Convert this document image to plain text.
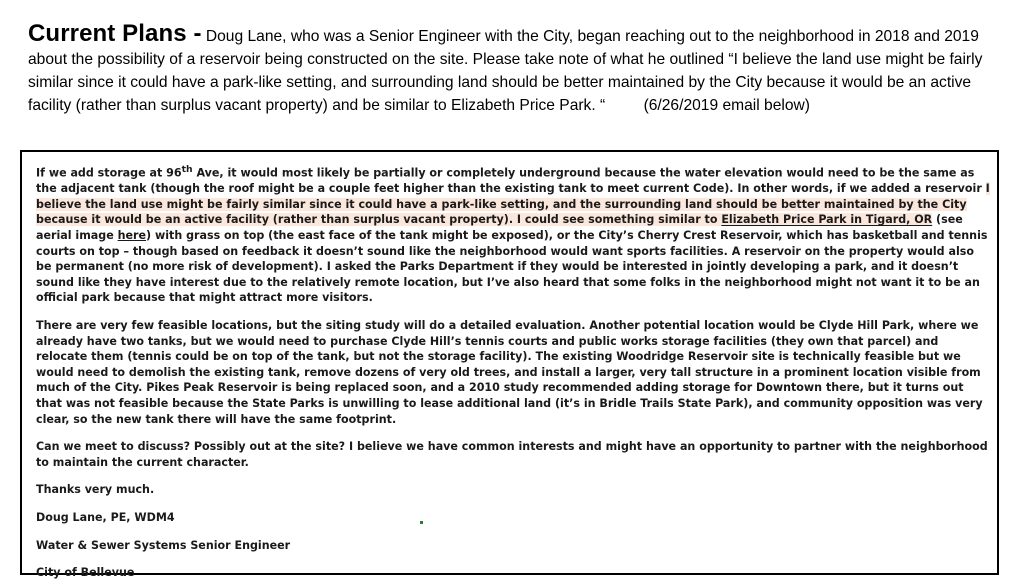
Current Plans - Doug Lane, who was a Senior Engineer with the City, began reaching out to the neighborhood in 2018 and 2019 about the possibility of a reservoir being constructed on the site. Please take note of what he outlined “I believe the land use might be fairly similar since it could have a park-like setting, and surrounding land should be better maintained by the City because it would be an active facility (rather than surplus vacant property) and be similar to Elizabeth Price Park. “ (6/26/2019 email below)

If we add storage at 96th Ave, it would most likely be partially or completely underground because the water elevation would need to be the same as the adjacent tank (though the roof might be a couple feet higher than the existing tank to meet current Code). In other words, if we added a reservoir I believe the land use might be fairly similar since it could have a park-like setting, and the surrounding land should be better maintained by the City because it would be an active facility (rather than surplus vacant property). I could see something similar to Elizabeth Price Park in Tigard, OR (see aerial image here) with grass on top (the east face of the tank might be exposed), or the City’s Cherry Crest Reservoir, which has basketball and tennis courts on top – though based on feedback it doesn’t sound like the neighborhood would want sports facilities. A reservoir on the property would also be permanent (no more risk of development). I asked the Parks Department if they would be interested in jointly developing a park, and it doesn’t sound like they have interest due to the relatively remote location, but I’ve also heard that some folks in the neighborhood might not want it to be an official park because that might attract more visitors.

There are very few feasible locations, but the siting study will do a detailed evaluation. Another potential location would be Clyde Hill Park, where we already have two tanks, but we would need to purchase Clyde Hill’s tennis courts and public works storage facilities (they own that parcel) and relocate them (tennis could be on top of the tank, but not the storage facility). The existing Woodridge Reservoir site is technically feasible but we would need to demolish the existing tank, remove dozens of very old trees, and install a larger, very tall structure in a prominent location visible from much of the City. Pikes Peak Reservoir is being replaced soon, and a 2010 study recommended adding storage for Downtown there, but it turns out that was not feasible because the State Parks is unwilling to lease additional land (it’s in Bridle Trails State Park), and community opposition was very clear, so the new tank there will have the same footprint.

Can we meet to discuss? Possibly out at the site? I believe we have common interests and might have an opportunity to partner with the neighborhood to maintain the current character.

Thanks very much.

Doug Lane, PE, WDM4

Water & Sewer Systems Senior Engineer

City of Bellevue
